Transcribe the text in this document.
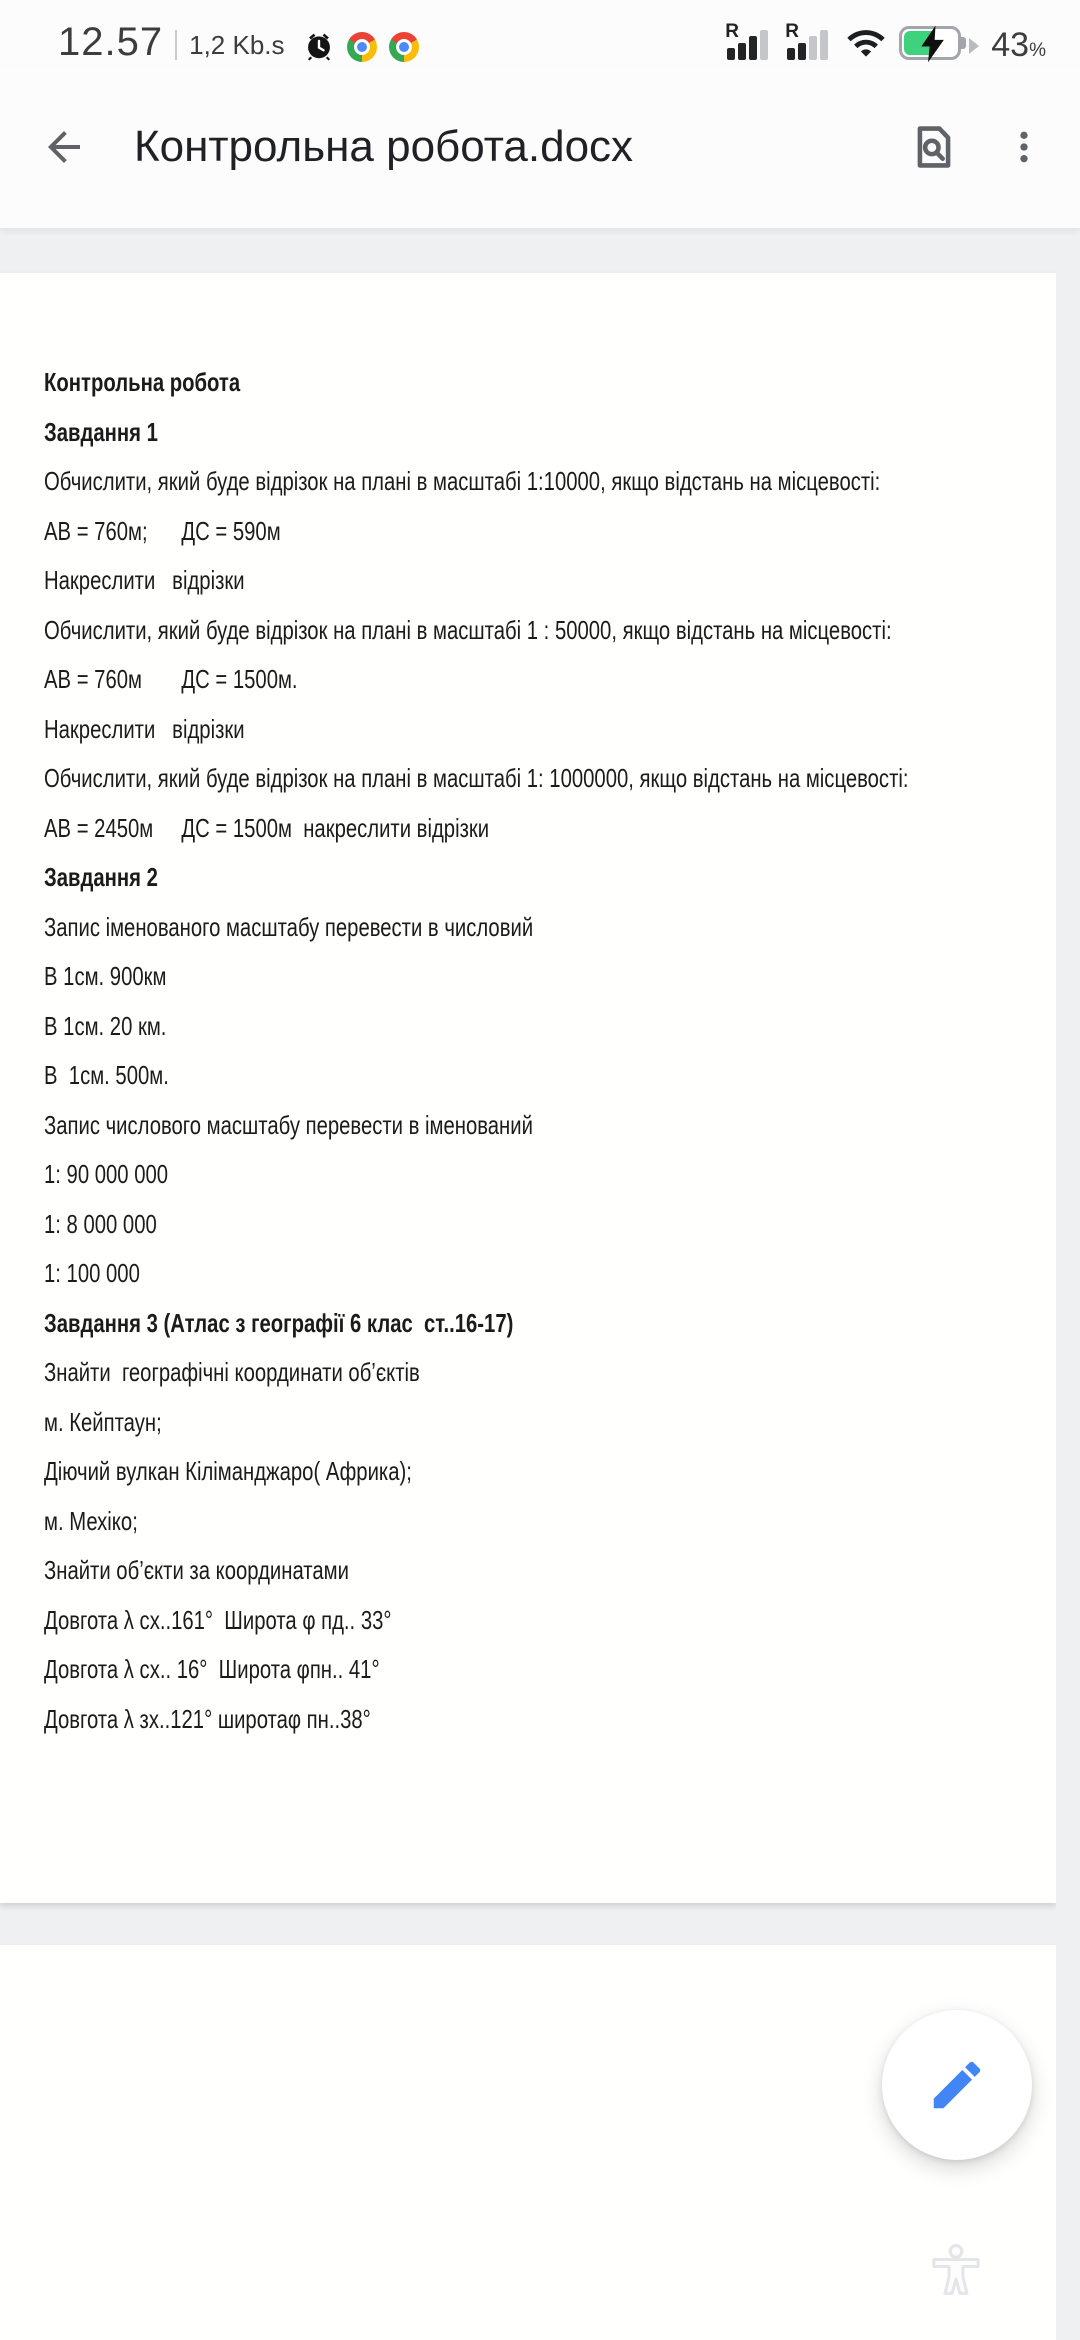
12.57 1,2 Kb.s	R R	43%
Контрольна робота.docx

Контрольна робота

Завдання 1

Обчислити, який буде відрізок на плані в масштабі 1:10000, якщо відстань на місцевості:

АВ = 760м;      ДС = 590м

Накреслити   відрізки

Обчислити, який буде відрізок на плані в масштабі 1 : 50000, якщо відстань на місцевості:

АВ = 760м       ДС = 1500м.

Накреслити   відрізки

Обчислити, який буде відрізок на плані в масштабі 1: 1000000, якщо відстань на місцевості:

АВ = 2450м     ДС = 1500м  накреслити відрізки

Завдання 2

Запис іменованого масштабу перевести в числовий

В 1см. 900км

В 1см. 20 км.

В  1см. 500м.

Запис числового масштабу перевести в іменований

1: 90 000 000

1: 8 000 000

1: 100 000

Завдання 3 (Атлас з географії 6 клас  ст..16-17)

Знайти  географічні координати об’єктів

м. Кейптаун;

Діючий вулкан Кіліманджаро( Африка);

м. Мехіко;

Знайти об’єкти за координатами

Довгота λ сх..161°  Широта φ пд.. 33°

Довгота λ сх.. 16°  Широта φпн.. 41°

Довгота λ зх..121° широтаφ пн..38°
